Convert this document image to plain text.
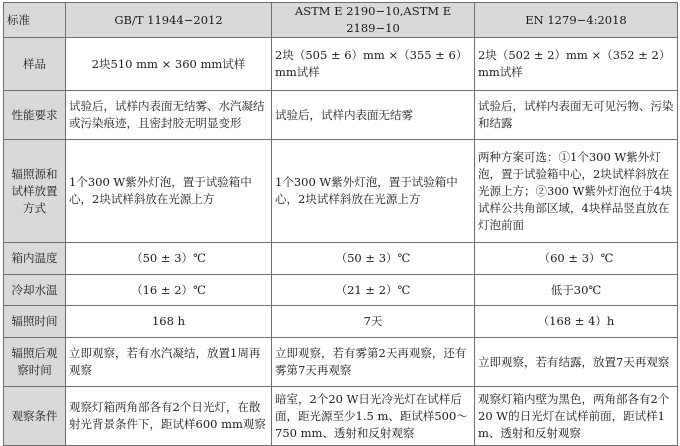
标准	GB/T 11944−2012	ASTM E 2190−10,ASTM E 2189−10	EN 1279−4:2018
样品	2块510 mm × 360 mm试样	2块（505 ± 6）mm ×（355 ± 6）mm试样	2块（502 ± 2）mm ×（352 ± 2）mm试样
性能要求	试验后，试样内表面无结雾、水汽凝结或污染痕迹，且密封胶无明显变形	试验后，试样内表面无结雾	试验后，试样内表面无可见污物、污染和结露
辐照源和试样放置方式	1个300 W紫外灯泡，置于试验箱中心，2块试样斜放在光源上方	1个300 W紫外灯泡，置于试验箱中心，2块试样斜放在光源上方	两种方案可选：①1个300 W紫外灯泡，置于试验箱中心，2块试样斜放在光源上方；②300 W紫外灯泡位于4块试样公共角部区域，4块样品竖直放在灯泡前面
箱内温度	（50 ± 3）℃	（50 ± 3）℃	（60 ± 3）℃
冷却水温	（16 ± 2）℃	（21 ± 2）℃	低于30℃
辐照时间	168 h	7天	（168 ± 4）h
辐照后观察时间	立即观察，若有水汽凝结，放置1周再观察	立即观察，若有雾第2天再观察，还有雾第7天再观察	立即观察，若有结露，放置7天再观察
观察条件	观察灯箱两角部各有2个日光灯，在散射光背景条件下，距试样600 mm观察	暗室，2个20 W日光冷光灯在试样后面，距光源至少1.5 m、距试样500～750 mm、透射和反射观察	观察灯箱内壁为黑色，两角部各有2个20 W的日光灯在试样前面，距试样1 m、透射和反射观察
